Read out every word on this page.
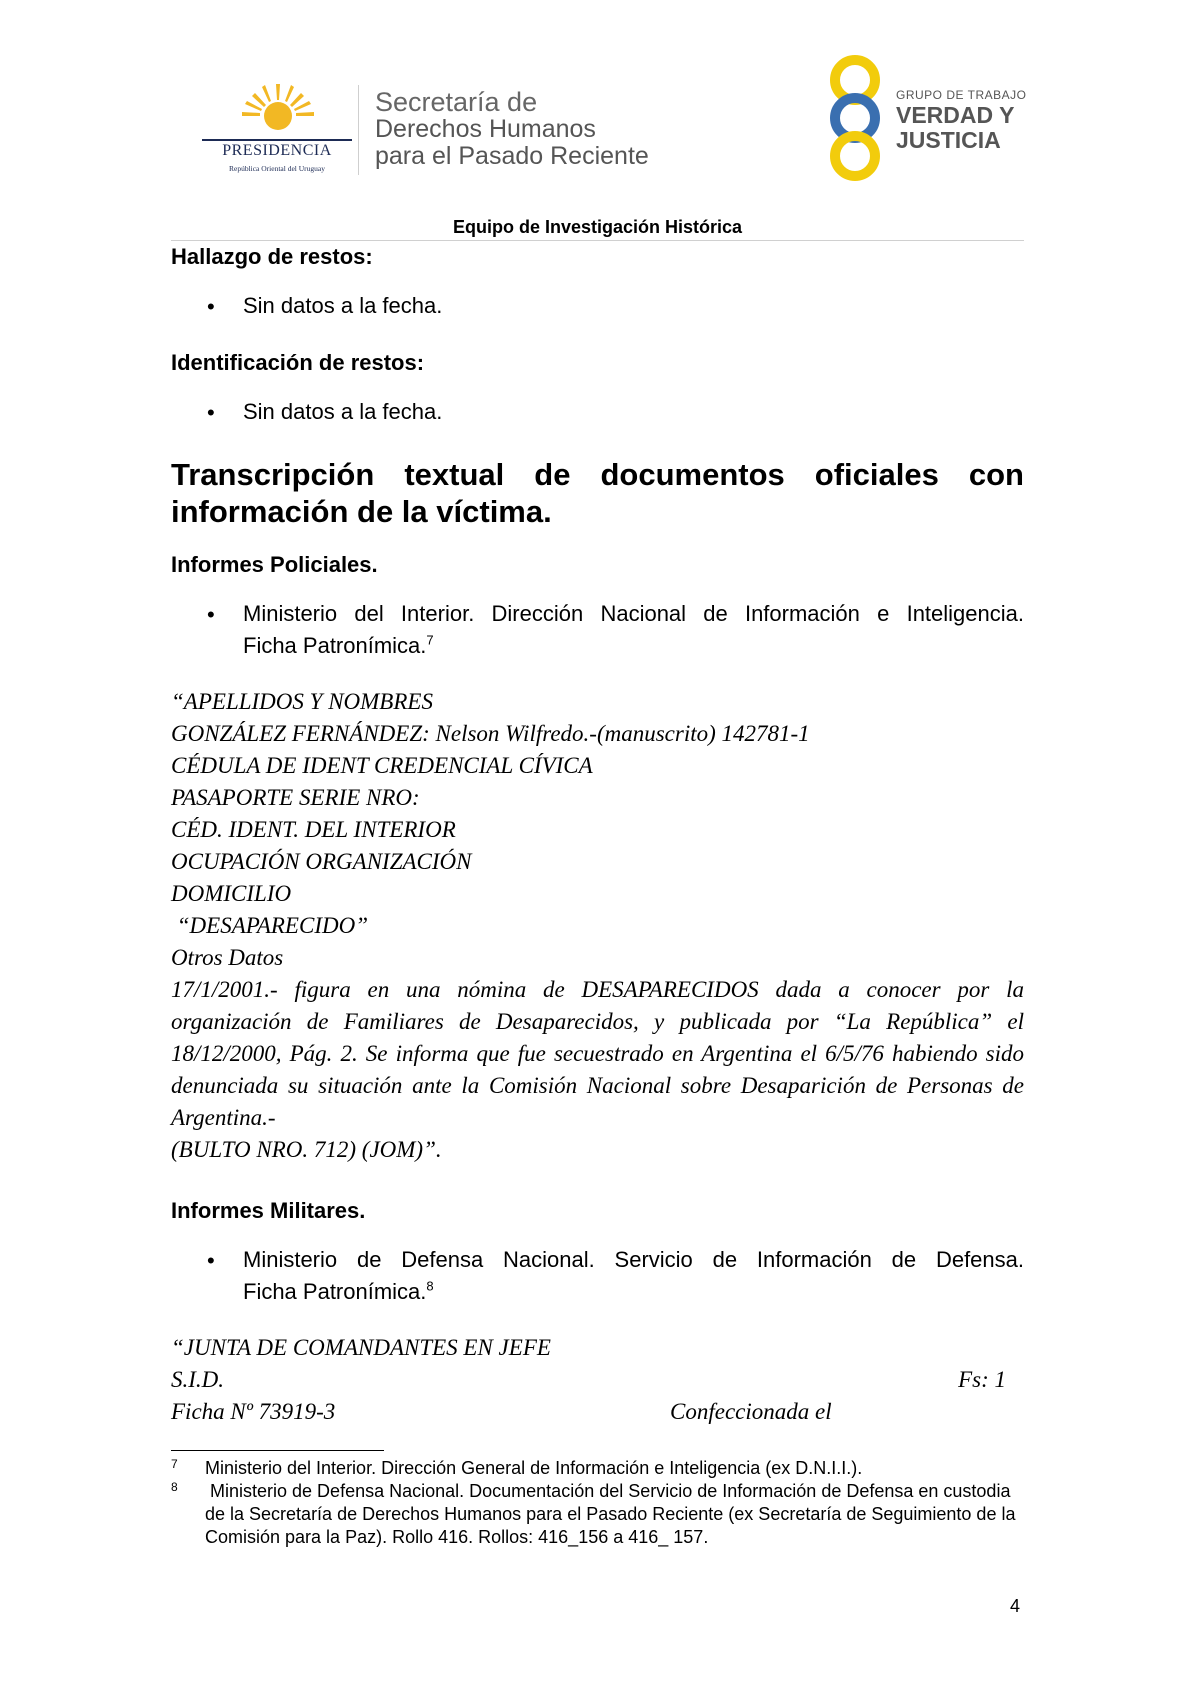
PRESIDENCIA
República Oriental del Uruguay
Secretaría de
Derechos Humanos
para el Pasado Reciente
GRUPO DE TRABAJO
VERDAD Y
JUSTICIA
Equipo de Investigación Histórica
Hallazgo de restos:
• Sin datos a la fecha.
Identificación de restos:
• Sin datos a la fecha.
Transcripción textual de documentos oficiales con información de la víctima.
Informes Policiales.
• Ministerio del Interior. Dirección Nacional de Información e Inteligencia.
Ficha Patronímica.$^7$
“APELLIDOS Y NOMBRES
GONZÁLEZ FERNÁNDEZ: Nelson Wilfredo.-(manuscrito) 142781-1
CÉDULA DE IDENT CREDENCIAL CÍVICA
PASAPORTE SERIE NRO:
CÉD. IDENT. DEL INTERIOR
OCUPACIÓN ORGANIZACIÓN
DOMICILIO
“DESAPARECIDO”
Otros Datos
17/1/2001.- figura en una nómina de DESAPARECIDOS dada a conocer por la organización de Familiares de Desaparecidos, y publicada por “La República” el 18/12/2000, Pág. 2. Se informa que fue secuestrado en Argentina el 6/5/76 habiendo sido denunciada su situación ante la Comisión Nacional sobre Desaparición de Personas de Argentina.-
(BULTO NRO. 712) (JOM)”.
Informes Militares.
• Ministerio de Defensa Nacional. Servicio de Información de Defensa.
Ficha Patronímica.$^8$
“JUNTA DE COMANDANTES EN JEFE
S.I.D.	Fs: 1
Ficha Nº 73919-3	Confeccionada el
7 Ministerio del Interior. Dirección General de Información e Inteligencia (ex D.N.I.I.).
8 Ministerio de Defensa Nacional. Documentación del Servicio de Información de Defensa en custodia de la Secretaría de Derechos Humanos para el Pasado Reciente (ex Secretaría de Seguimiento de la Comisión para la Paz). Rollo 416. Rollos: 416_156 a 416_ 157.
4
